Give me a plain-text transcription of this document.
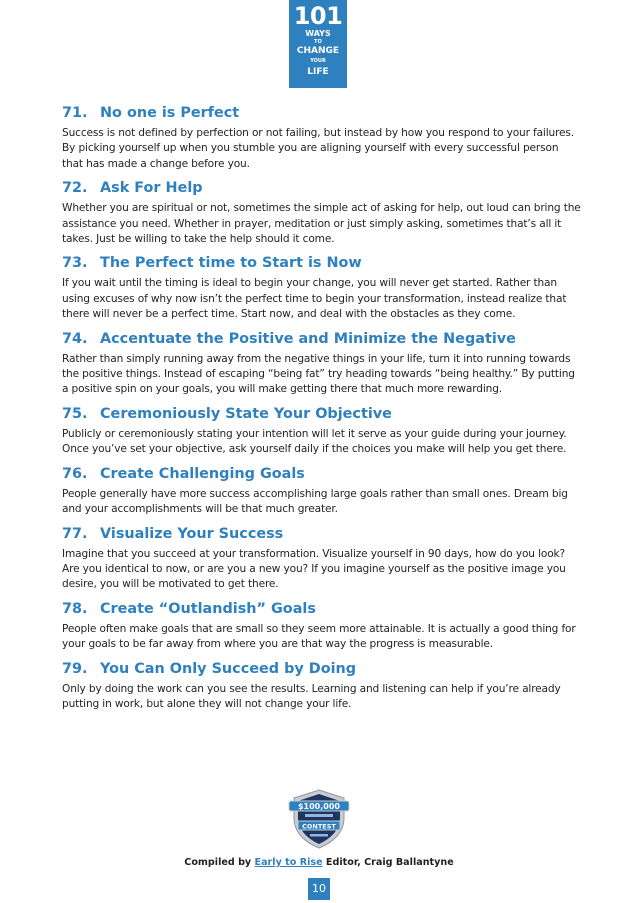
101
WAYS
TO
CHANGE
YOUR
LIFE
71. No one is Perfect

Success is not defined by perfection or not failing, but instead by how you respond to your failures. By picking yourself up when you stumble you are aligning yourself with every successful person that has made a change before you.

72. Ask For Help

Whether you are spiritual or not, sometimes the simple act of asking for help, out loud can bring the assistance you need. Whether in prayer, meditation or just simply asking, sometimes that’s all it takes. Just be willing to take the help should it come.

73. The Perfect time to Start is Now

If you wait until the timing is ideal to begin your change, you will never get started. Rather than using excuses of why now isn’t the perfect time to begin your transformation, instead realize that there will never be a perfect time. Start now, and deal with the obstacles as they come.

74. Accentuate the Positive and Minimize the Negative

Rather than simply running away from the negative things in your life, turn it into running towards the positive things. Instead of escaping “being fat” try heading towards “being healthy.” By putting a positive spin on your goals, you will make getting there that much more rewarding.

75. Ceremoniously State Your Objective

Publicly or ceremoniously stating your intention will let it serve as your guide during your journey. Once you’ve set your objective, ask yourself daily if the choices you make will help you get there.

76. Create Challenging Goals

People generally have more success accomplishing large goals rather than small ones. Dream big and your accomplishments will be that much greater.

77. Visualize Your Success

Imagine that you succeed at your transformation. Visualize yourself in 90 days, how do you look? Are you identical to now, or are you a new you? If you imagine yourself as the positive image you desire, you will be motivated to get there.

78. Create “Outlandish” Goals

People often make goals that are small so they seem more attainable. It is actually a good thing for your goals to be far away from where you are that way the progress is measurable.

79. You Can Only Succeed by Doing

Only by doing the work can you see the results. Learning and listening can help if you’re already putting in work, but alone they will not change your life.

$100,000
CONTEST
Compiled by Early to Rise Editor, Craig Ballantyne
10
